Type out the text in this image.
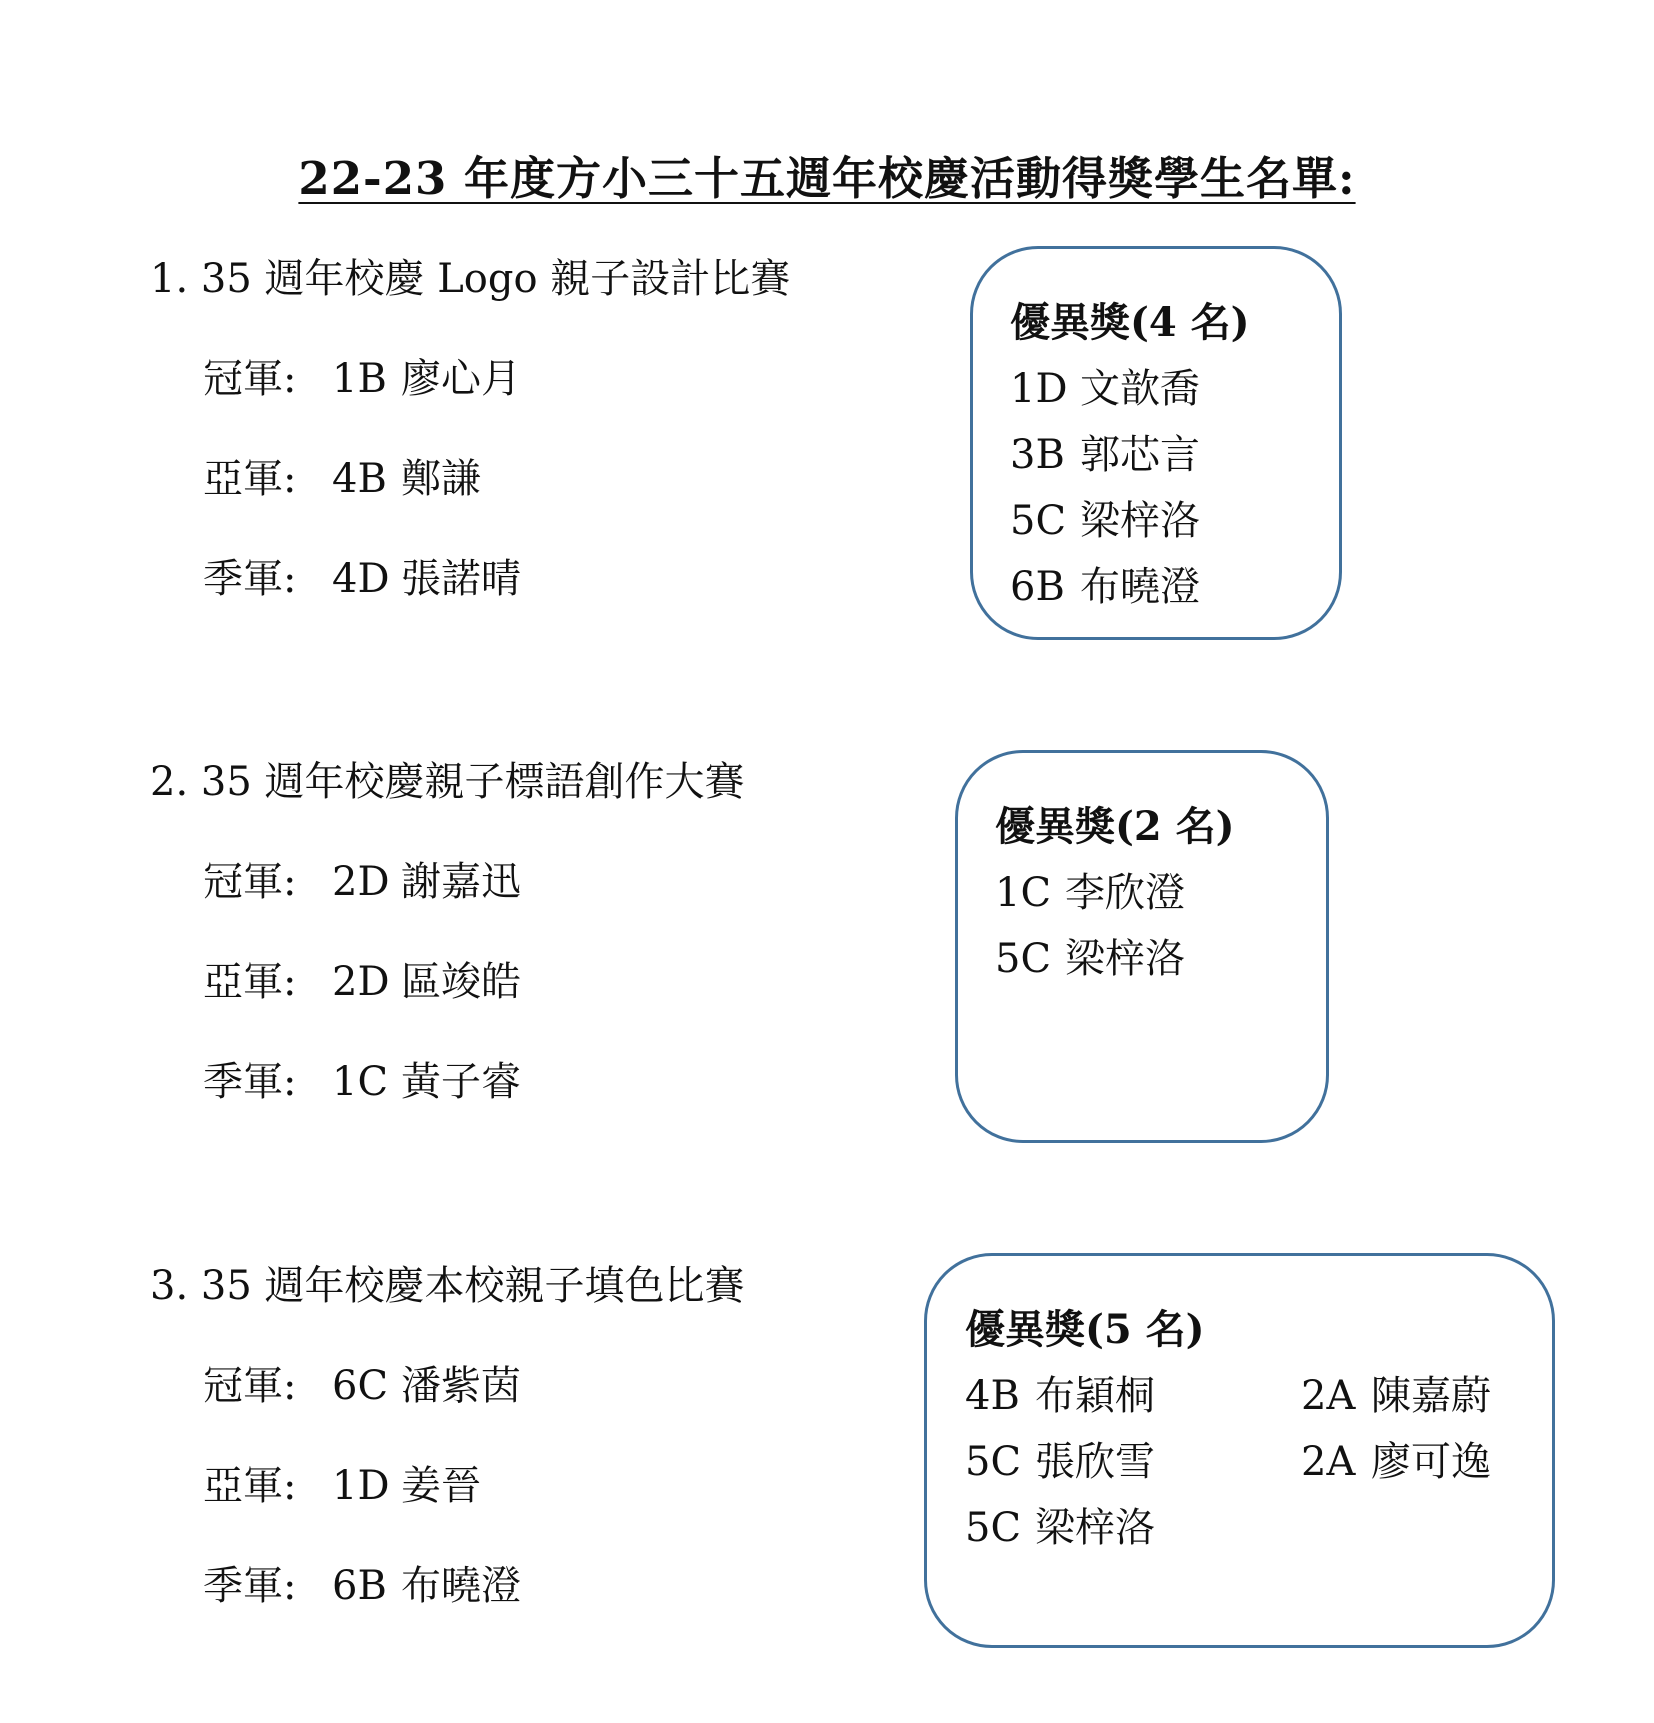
22-23 年度方小三十五週年校慶活動得獎學生名單:
1. 35 週年校慶 Logo 親子設計比賽
冠軍: 1B 廖心月
亞軍: 4B 鄭謙
季軍: 4D 張諾晴
優異獎(4 名)
1D 文歆喬
3B 郭芯言
5C 梁梓洛
6B 布曉澄
2. 35 週年校慶親子標語創作大賽
冠軍: 2D 謝嘉迅
亞軍: 2D 區竣皓
季軍: 1C 黃子睿
優異獎(2 名)
1C 李欣澄
5C 梁梓洛
3. 35 週年校慶本校親子填色比賽
冠軍: 6C 潘紫茵
亞軍: 1D 姜晉
季軍: 6B 布曉澄
優異獎(5 名)
4B 布穎桐
5C 張欣雪
5C 梁梓洛
2A 陳嘉蔚
2A 廖可逸
